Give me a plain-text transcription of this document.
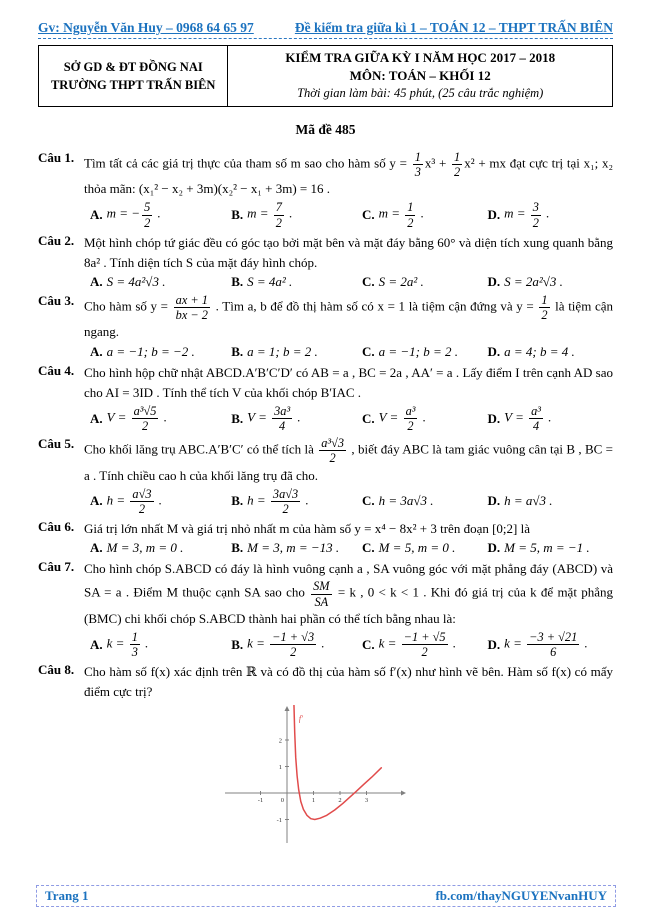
Gv: Nguyễn Văn Huy – 0968 64 65 97	Đề kiểm tra giữa kì 1 – TOÁN 12 – THPT TRẤN BIÊN
SỞ GD & ĐT ĐỒNG NAI
TRƯỜNG THPT TRẤN BIÊN

KIỂM TRA GIỮA KỲ I NĂM HỌC 2017 – 2018
MÔN: TOÁN – KHỐI 12
Thời gian làm bài: 45 phút, (25 câu trắc nghiệm)
Mã đề 485
Câu 1. Tìm tất cả các giá trị thực của tham số m sao cho hàm số $y = \frac{1}{3} x^3 + \frac{1}{2} x^2$ + mx đạt cực trị tại x₁; x₂ thỏa mãn: (x₁² − x₂ + 3m)(x₂² − x₁ + 3m) = 16 .
A. m = − $\frac{5}{2}$ .	B. $m = \frac{7}{2}$ .	C. $m = \frac{1}{2}$ .	D. $m = \frac{3}{2}$ .
Câu 2. Một hình chóp tứ giác đều có góc tạo bởi mặt bên và mặt đáy bằng 60° và diện tích xung quanh bằng 8a² . Tính diện tích S của mặt đáy hình chóp.
A. S = 4a²√3 .	B. S = 4a² .	C. S = 2a² .	D. S = 2a²√3 .
Câu 3. Cho hàm số $y = \frac{ax + 1}{bx - 2}$ . Tìm a, b để đồ thị hàm số có x = 1 là tiệm cận đứng và $y = \frac{1}{2}$ là tiệm cận ngang.
A. a = −1; b = −2 .	B. a = 1; b = 2 .	C. a = −1; b = 2 . D. a = 4; b = 4 .
Câu 4. Cho hình hộp chữ nhật ABCD.A′B′C′D′ có AB = a , BC = 2a , AA′ = a . Lấy điểm I trên cạnh AD sao cho AI = 3ID . Tính thể tích V của khối chóp B′IAC .
A. $V = \frac{\text{a³√5}}{2}$ .	B. $V = \frac{\text{3a³}}{4}$ .	C. $V = \frac{\text{a³}}{2}$ .	D. $V = \frac{\text{a³}}{4}$ .
Câu 5. Cho khối lăng trụ ABC.A′B′C′ có thể tích là $\frac{\text{a³√3}}{2}$ , biết đáy ABC là tam giác vuông cân tại B , BC = a . Tính chiều cao h của khối lăng trụ đã cho.
A. $h = \frac{a√3}{2}$ .	B. $h = \frac{3a√3}{2}$ .	C. h = 3a√3 .	D. h = a√3 .
Câu 6. Giá trị lớn nhất M và giá trị nhỏ nhất m của hàm số y = x⁴ − 8x² + 3 trên đoạn [0;2] là
A. M = 3, m = 0 .	B. M = 3, m = −13 . C. M = 5, m = 0 . D. M = 5, m = −1 .
Câu 7. Cho hình chóp S.ABCD có đáy là hình vuông cạnh a , SA vuông góc với mặt phẳng đáy (ABCD) và SA = a . Điểm M thuộc cạnh SA sao cho $\frac{SM}{SA} = k$ , 0 < k < 1 . Khi đó giá trị của k để mặt phẳng (BMC) chi khối chóp S.ABCD thành hai phần có thể tích bằng nhau là:
A. $k = \frac{1}{3}$ .	B. $k = \frac{-1 + √3}{2}$ .	C. $k = \frac{-1 + √5}{2}$ . D. $k = \frac{-3 + √21}{6}$ .
Câu 8. Cho hàm số f(x) xác định trên ℝ và có đồ thị của hàm số f′(x) như hình vẽ bên. Hàm số f(x) có mấy điểm cực trị?
-1	0	1	2	3
-1
1
2
f'
Trang 1	fb.com/thayNGUYENvanHUY
